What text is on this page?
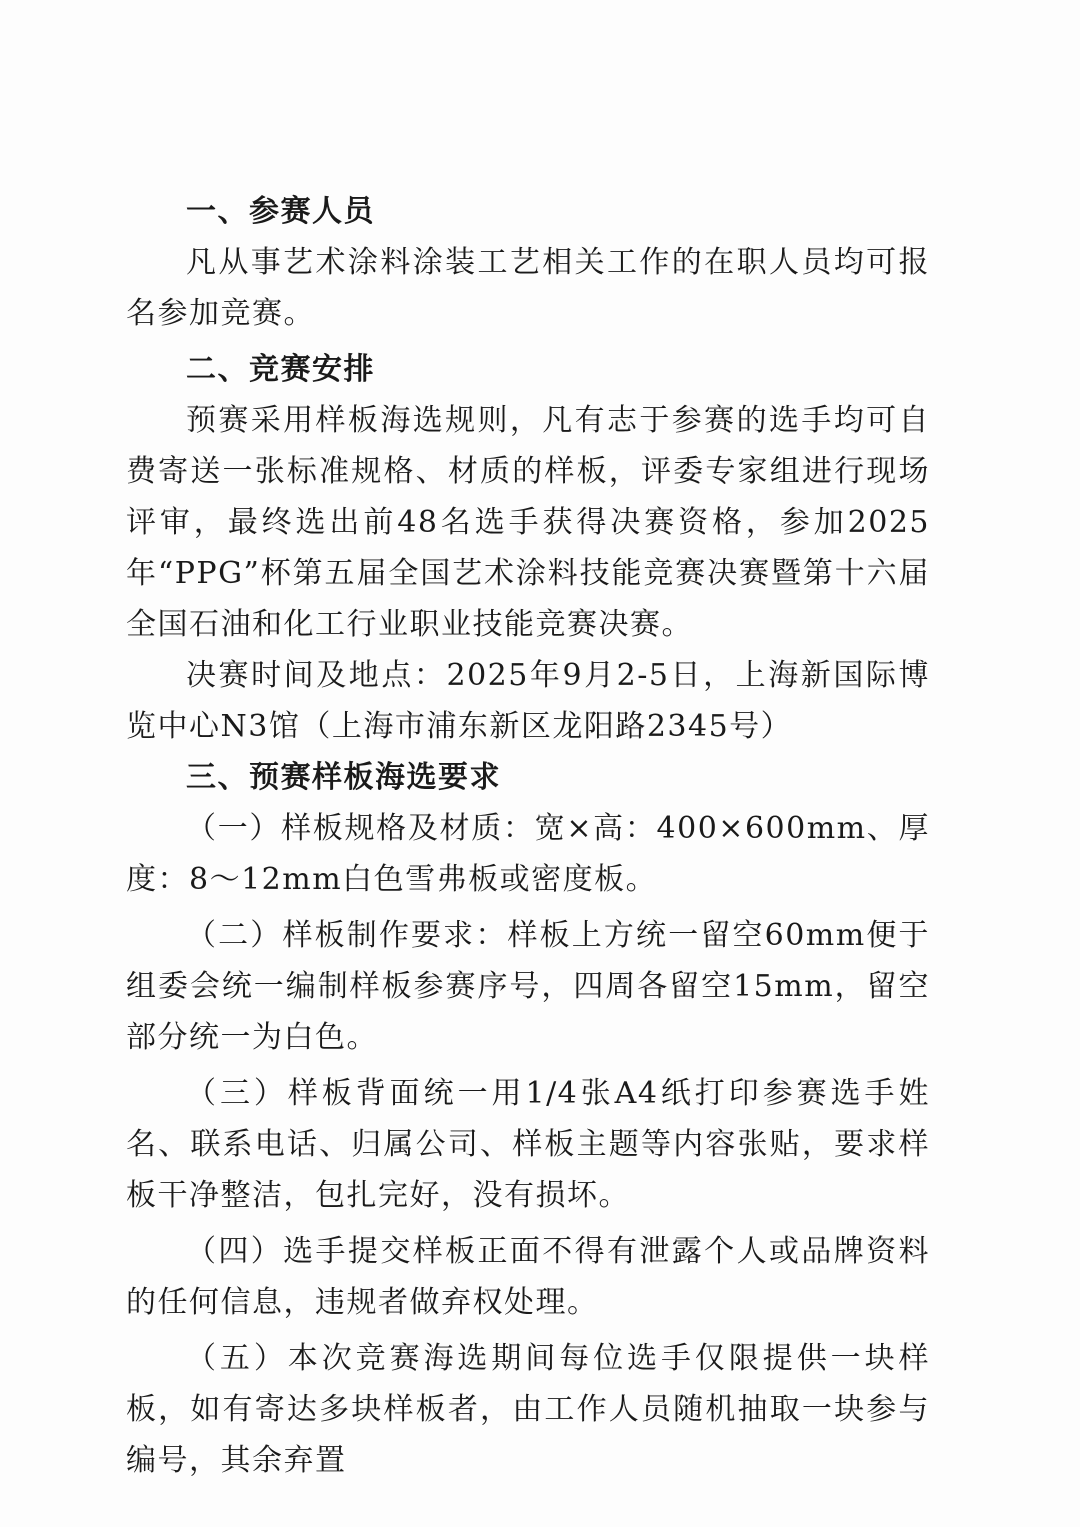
一、参赛人员

凡从事艺术涂料涂装工艺相关工作的在职人员均可报名参加竞赛。

二、竞赛安排

预赛采用样板海选规则，凡有志于参赛的选手均可自费寄送一张标准规格、材质的样板，评委专家组进行现场评审，最终选出前48名选手获得决赛资格，参加2025年“PPG”杯第五届全国艺术涂料技能竞赛决赛暨第十六届全国石油和化工行业职业技能竞赛决赛。

决赛时间及地点：2025年9月2-5日，上海新国际博览中心N3馆（上海市浦东新区龙阳路2345号）

三、预赛样板海选要求

（一）样板规格及材质：宽×高：400×600mm、厚度：8～12mm白色雪弗板或密度板。

（二）样板制作要求：样板上方统一留空60mm便于组委会统一编制样板参赛序号，四周各留空15mm，留空部分统一为白色。

（三）样板背面统一用1/4张A4纸打印参赛选手姓名、联系电话、归属公司、样板主题等内容张贴，要求样板干净整洁，包扎完好，没有损坏。

（四）选手提交样板正面不得有泄露个人或品牌资料的任何信息，违规者做弃权处理。

（五）本次竞赛海选期间每位选手仅限提供一块样板，如有寄达多块样板者，由工作人员随机抽取一块参与编号，其余弃置
